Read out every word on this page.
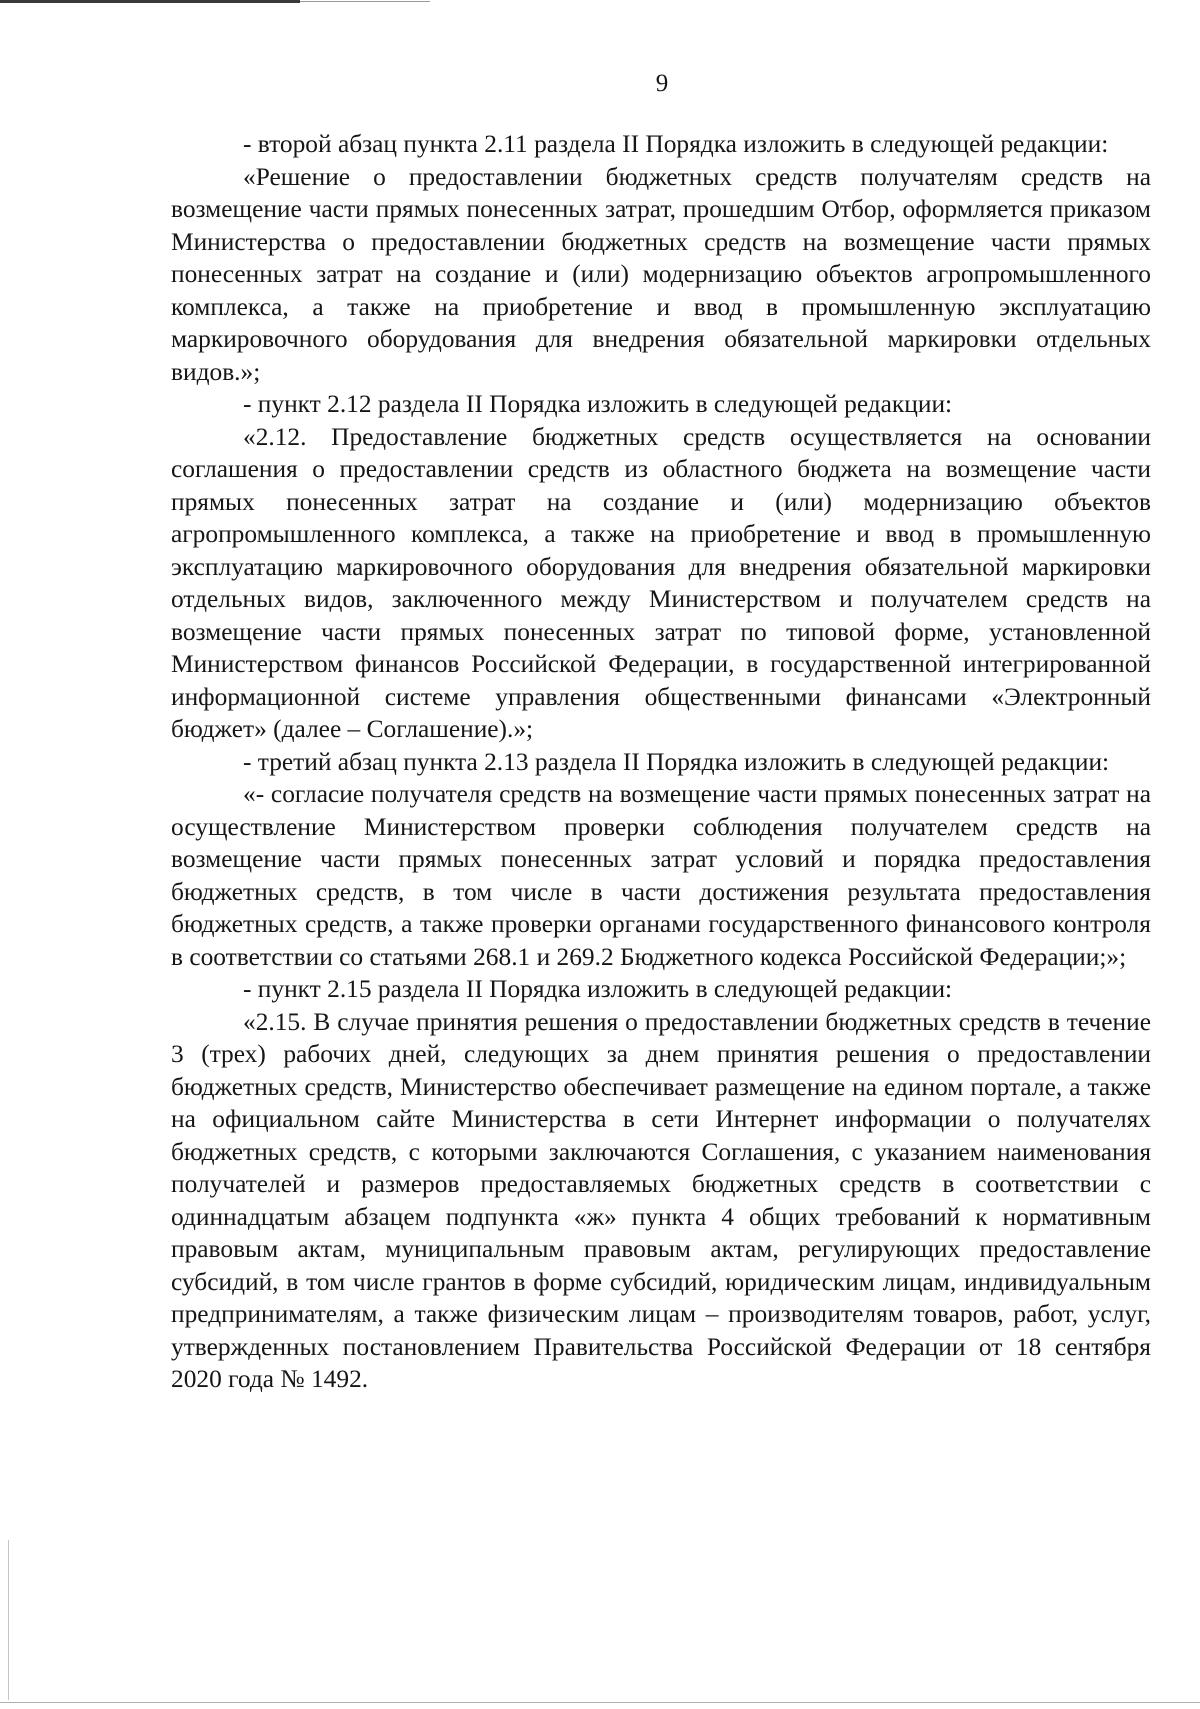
9

- второй абзац пункта 2.11 раздела II Порядка изложить в следующей редакции:

«Решение о предоставлении бюджетных средств получателям средств на возмещение части прямых понесенных затрат, прошедшим Отбор, оформляется приказом Министерства о предоставлении бюджетных средств на возмещение части прямых понесенных затрат на создание и (или) модернизацию объектов агропромышленного комплекса, а также на приобретение и ввод в промышленную эксплуатацию маркировочного оборудования для внедрения обязательной маркировки отдельных видов.»;

- пункт 2.12 раздела II Порядка изложить в следующей редакции:

«2.12. Предоставление бюджетных средств осуществляется на основании соглашения о предоставлении средств из областного бюджета на возмещение части прямых понесенных затрат на создание и (или) модернизацию объектов агропромышленного комплекса, а также на приобретение и ввод в промышленную эксплуатацию маркировочного оборудования для внедрения обязательной маркировки отдельных видов, заключенного между Министерством и получателем средств на возмещение части прямых понесенных затрат по типовой форме, установленной Министерством финансов Российской Федерации, в государственной интегрированной информационной системе управления общественными финансами «Электронный бюджет» (далее – Соглашение).»;

- третий абзац пункта 2.13 раздела II Порядка изложить в следующей редакции:

«- согласие получателя средств на возмещение части прямых понесенных затрат на осуществление Министерством проверки соблюдения получателем средств на возмещение части прямых понесенных затрат условий и порядка предоставления бюджетных средств, в том числе в части достижения результата предоставления бюджетных средств, а также проверки органами государственного финансового контроля в соответствии со статьями 268.1 и 269.2 Бюджетного кодекса Российской Федерации;»;

- пункт 2.15 раздела II Порядка изложить в следующей редакции:

«2.15. В случае принятия решения о предоставлении бюджетных средств в течение 3 (трех) рабочих дней, следующих за днем принятия решения о предоставлении бюджетных средств, Министерство обеспечивает размещение на едином портале, а также на официальном сайте Министерства в сети Интернет информации о получателях бюджетных средств, с которыми заключаются Соглашения, с указанием наименования получателей и размеров предоставляемых бюджетных средств в соответствии с одиннадцатым абзацем подпункта «ж» пункта 4 общих требований к нормативным правовым актам, муниципальным правовым актам, регулирующих предоставление субсидий, в том числе грантов в форме субсидий, юридическим лицам, индивидуальным предпринимателям, а также физическим лицам – производителям товаров, работ, услуг, утвержденных постановлением Правительства Российской Федерации от 18 сентября 2020 года № 1492.
